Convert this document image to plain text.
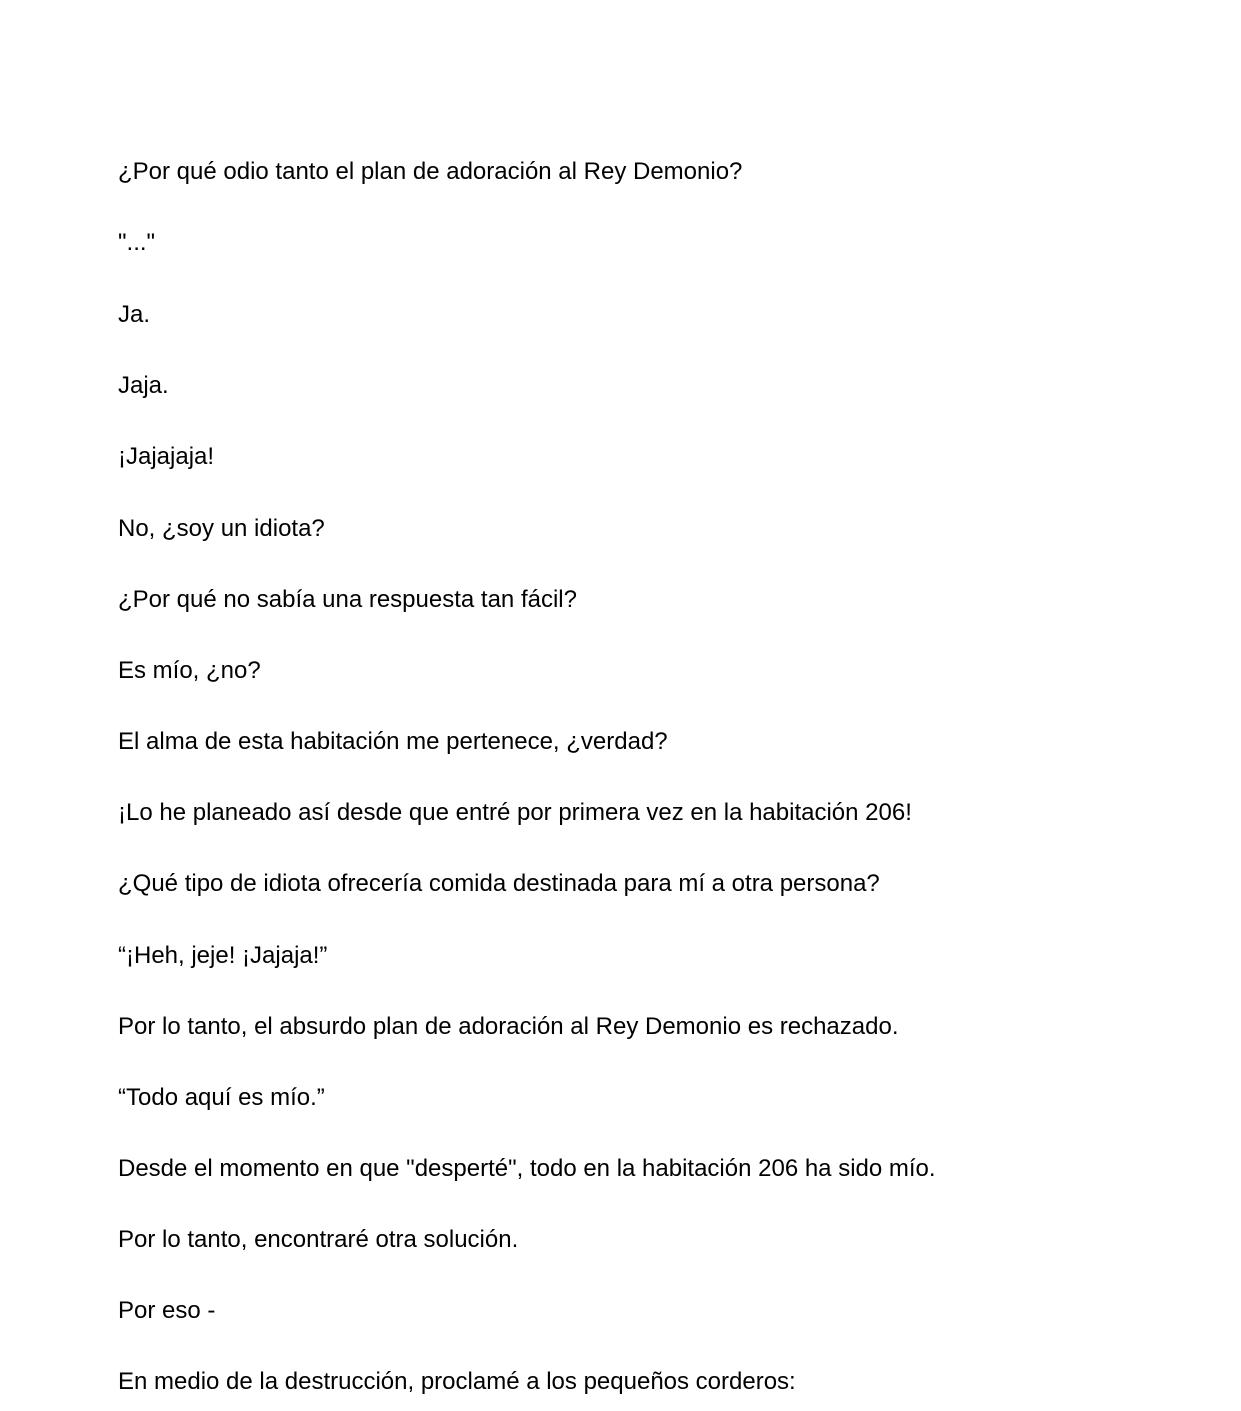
¿Por qué odio tanto el plan de adoración al Rey Demonio?

"..."

Ja.

Jaja.

¡Jajajaja!

No, ¿soy un idiota?

¿Por qué no sabía una respuesta tan fácil?

Es mío, ¿no?

El alma de esta habitación me pertenece, ¿verdad?

¡Lo he planeado así desde que entré por primera vez en la habitación 206!

¿Qué tipo de idiota ofrecería comida destinada para mí a otra persona?

“¡Heh, jeje! ¡Jajaja!”

Por lo tanto, el absurdo plan de adoración al Rey Demonio es rechazado.

“Todo aquí es mío.”

Desde el momento en que "desperté", todo en la habitación 206 ha sido mío.

Por lo tanto, encontraré otra solución.

Por eso -

En medio de la destrucción, proclamé a los pequeños corderos:
